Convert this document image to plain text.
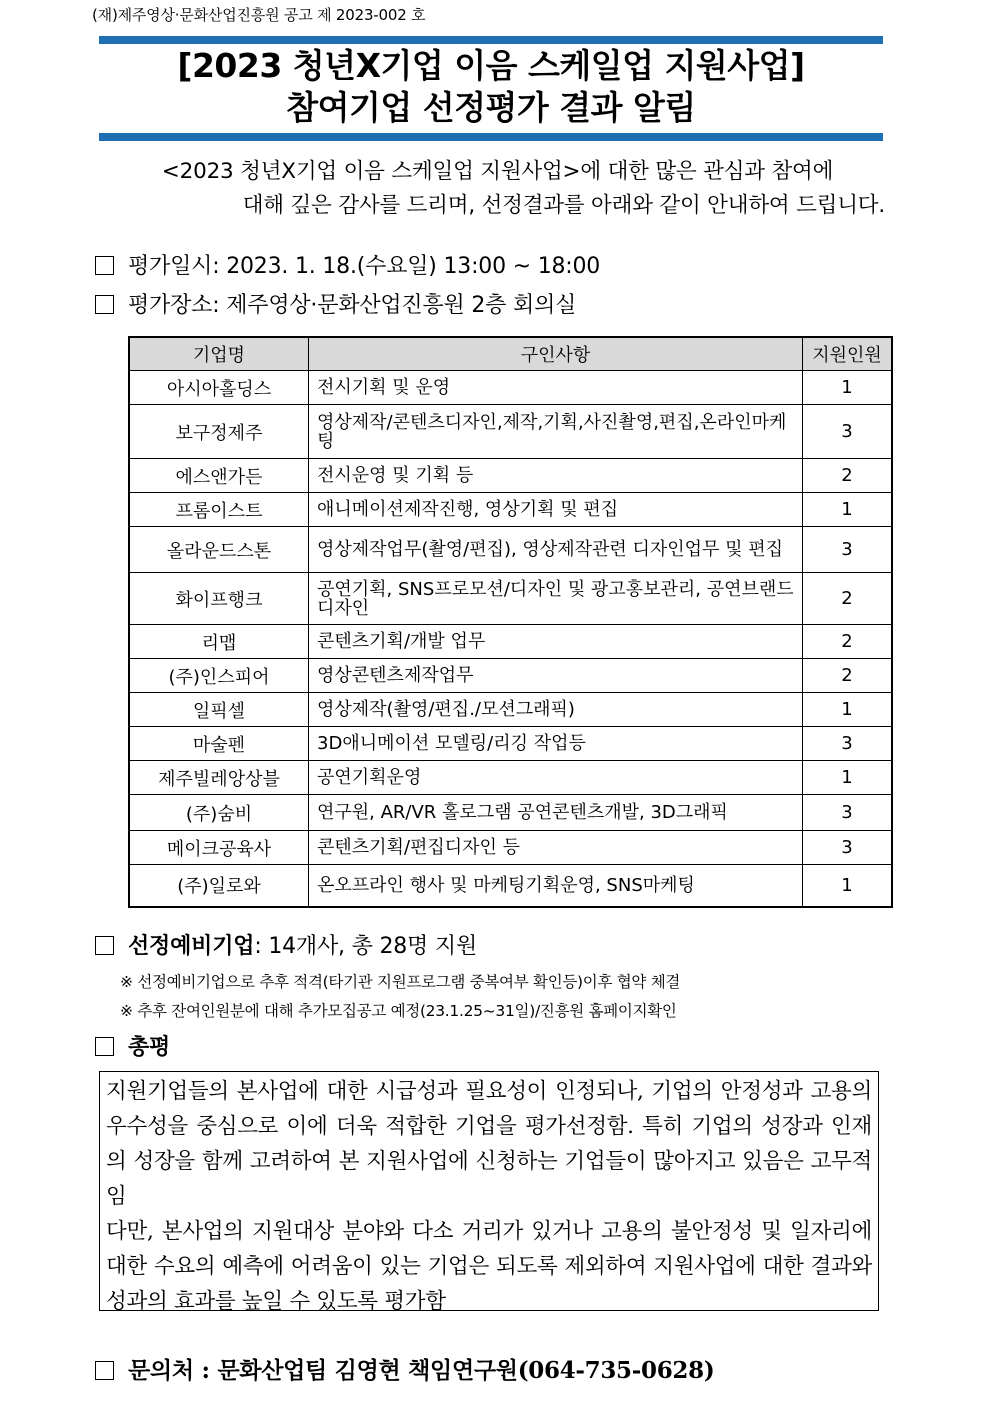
(재)제주영상·문화산업진흥원 공고 제 2023-002 호
[2023 청년X기업 이음 스케일업 지원사업]
참여기업 선정평가 결과 알림
<2023 청년X기업 이음 스케일업 지원사업>에 대한 많은 관심과 참여에
대해 깊은 감사를 드리며, 선정결과를 아래와 같이 안내하여 드립니다.
평가일시: 2023. 1. 18.(수요일) 13:00 ~ 18:00
평가장소: 제주영상·문화산업진흥원 2층 회의실
기업명	구인사항	지원인원
아시아홀딩스	전시기획 및 운영	1
보구정제주	영상제작/콘텐츠디자인,제작,기획,사진촬영,편집,온라인마케팅	3
에스앤가든	전시운영 및 기획 등	2
프롬이스트	애니메이션제작진행, 영상기획 및 편집	1
올라운드스톤	영상제작업무(촬영/편집), 영상제작관련 디자인업무 및 편집	3
화이프행크	공연기획, SNS프로모션/디자인 및 광고홍보관리, 공연브랜드디자인	2
리맵	콘텐츠기획/개발 업무	2
(주)인스피어	영상콘텐츠제작업무	2
일픽셀	영상제작(촬영/편집./모션그래픽)	1
마술펜	3D애니메이션 모델링/리깅 작업등	3
제주빌레앙상블	공연기획운영	1
(주)숨비	연구원, AR/VR 홀로그램 공연콘텐츠개발, 3D그래픽	3
메이크공육사	콘텐츠기획/편집디자인 등	3
(주)일로와	온오프라인 행사 및 마케팅기획운영, SNS마케팅	1
선정예비기업: 14개사, 총 28명 지원
※ 선정예비기업으로 추후 적격(타기관 지원프로그램 중복여부 확인등)이후 협약 체결
※ 추후 잔여인원분에 대해 추가모집공고 예정(23.1.25~31일)/진흥원 홈페이지확인
총평
지원기업들의 본사업에 대한 시급성과 필요성이 인정되나, 기업의 안정성과 고용의 우수성을 중심으로 이에 더욱 적합한 기업을 평가선정함. 특히 기업의 성장과 인재의 성장을 함께 고려하여 본 지원사업에 신청하는 기업들이 많아지고 있음은 고무적임
다만, 본사업의 지원대상 분야와 다소 거리가 있거나 고용의 불안정성 및 일자리에 대한 수요의 예측에 어려움이 있는 기업은 되도록 제외하여 지원사업에 대한 결과와 성과의 효과를 높일 수 있도록 평가함
문의처 : 문화산업팀 김영현 책임연구원(064-735-0628)
